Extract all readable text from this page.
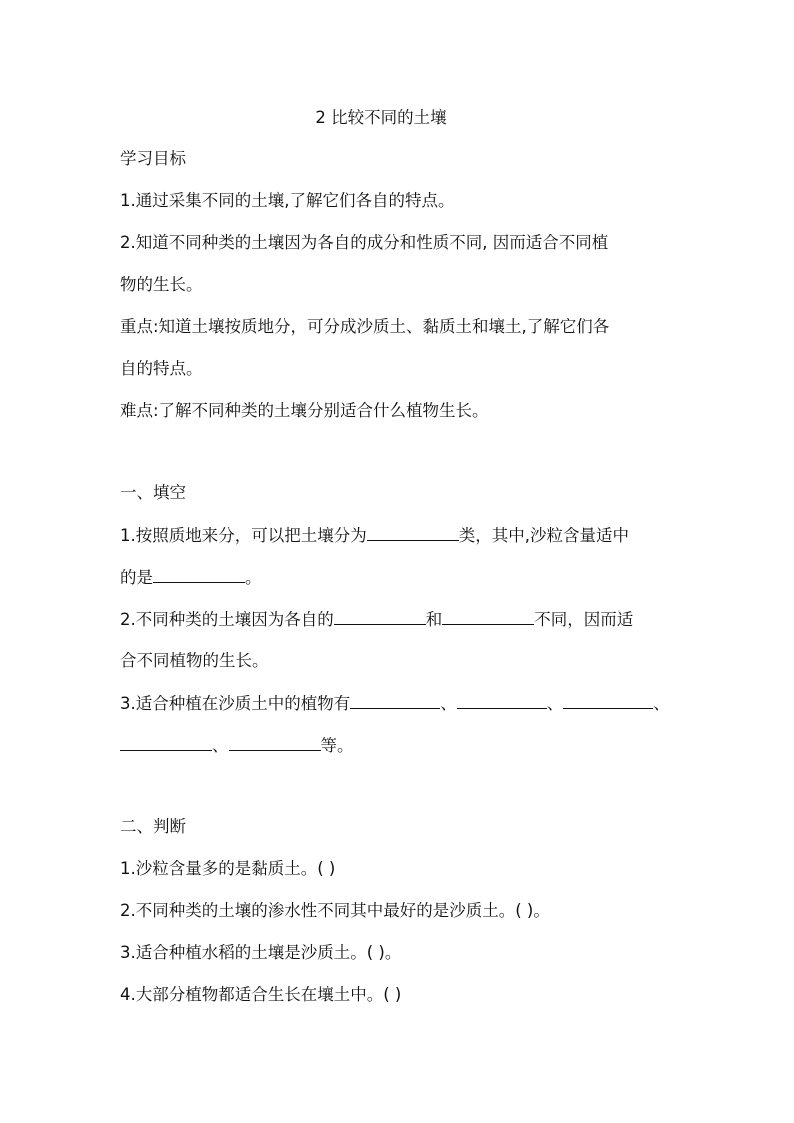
2 比较不同的土壤
学习目标
1.通过采集不同的土壤,了解它们各自的特点。
2.知道不同种类的土壤因为各自的成分和性质不同, 因而适合不同植
物的生长。
重点:知道土壤按质地分，可分成沙质土、黏质土和壤土,了解它们各
自的特点。
难点:了解不同种类的土壤分别适合什么植物生长。
一、填空
1.按照质地来分，可以把土壤分为	类，其中,沙粒含量适中
的是	。
2.不同种类的土壤因为各自的	和	不同，因而适
合不同植物的生长。
3.适合种植在沙质土中的植物有	、	、	、
、	等。
二、判断
1.沙粒含量多的是黏质土。( )
2.不同种类的土壤的渗水性不同其中最好的是沙质土。( )。
3.适合种植水稻的土壤是沙质土。( )。
4.大部分植物都适合生长在壤土中。( )
